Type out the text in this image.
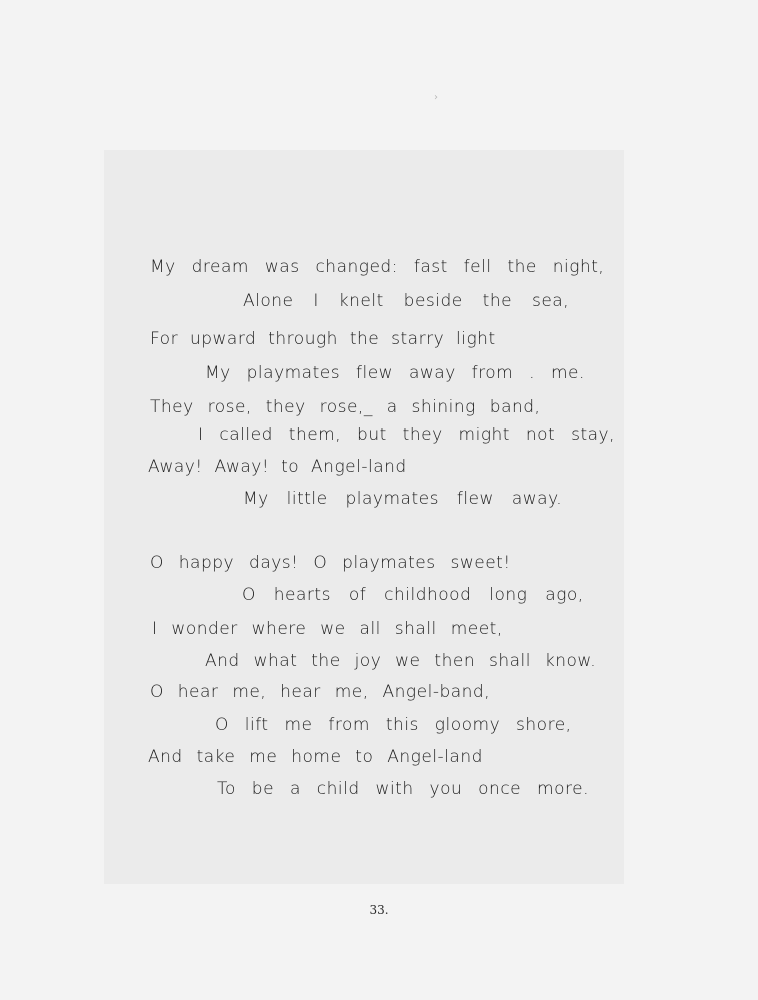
›
My dream was changed: fast fell the night,
Alone I knelt beside the sea,
For upward through the starry light
My playmates flew away from . me.
They rose, they rose,_ a shining band,
I called them, but they might not stay,
Away! Away! to Angel-land
My little playmates flew away.
O happy days! O playmates sweet!
O hearts of childhood long ago,
I wonder where we all shall meet,
And what the joy we then shall know.
O hear me, hear me, Angel-band,
O lift me from this gloomy shore,
And take me home to Angel-land
To be a child with you once more.
33.
